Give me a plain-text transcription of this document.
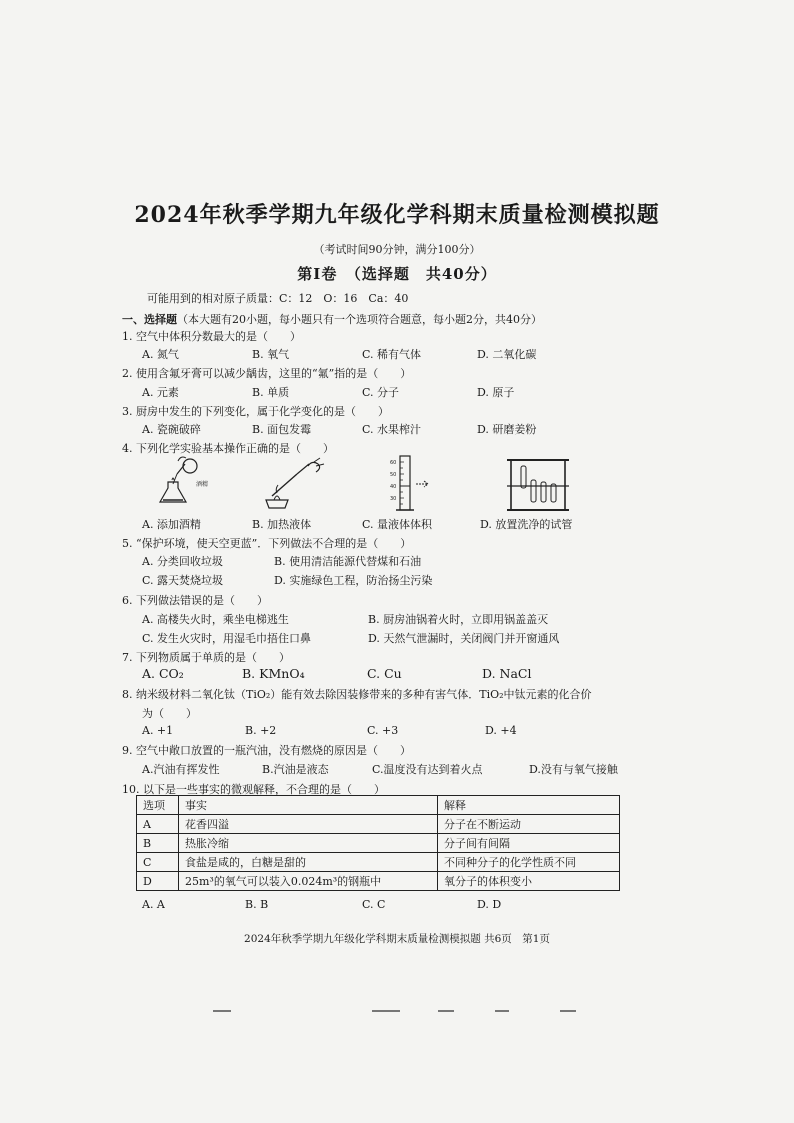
2024年秋季学期九年级化学科期末质量检测模拟题
（考试时间90分钟，满分100分）
第Ⅰ卷　（选择题　共40分）
可能用到的相对原子质量：C：12　O：16　Ca：40
一、选择题（本大题有20小题，每小题只有一个选项符合题意，每小题2分，共40分）
1. 空气中体积分数最大的是（　　）
A. 氮气	B. 氧气	C. 稀有气体	D. 二氧化碳
2. 使用含氟牙膏可以减少龋齿，这里的“氟”指的是（　　）
A. 元素	B. 单质	C. 分子	D. 原子
3. 厨房中发生的下列变化，属于化学变化的是（　　）
A. 瓷碗破碎	B. 面包发霉	C. 水果榨汁	D. 研磨姜粉
4. 下列化学实验基本操作正确的是（　　）
酒精
60
50
40
30
A. 添加酒精	B. 加热液体	C. 量液体体积	D. 放置洗净的试管
5. “保护环境，使天空更蓝”．下列做法不合理的是（　　）
A. 分类回收垃圾	B. 使用清洁能源代替煤和石油
C. 露天焚烧垃圾	D. 实施绿色工程，防治扬尘污染
6. 下列做法错误的是（　　）
A. 高楼失火时，乘坐电梯逃生	B. 厨房油锅着火时，立即用锅盖盖灭
C. 发生火灾时，用湿毛巾捂住口鼻	D. 天然气泄漏时，关闭阀门并开窗通风
7. 下列物质属于单质的是（　　）
A. CO₂	B. KMnO₄	C. Cu	D. NaCl
8. 纳米级材料二氧化钛（TiO₂）能有效去除因装修带来的多种有害气体．TiO₂中钛元素的化合价
为（　　）
A. +1	B. +2	C. +3	D. +4
9. 空气中敞口放置的一瓶汽油，没有燃烧的原因是（　　）
A.汽油有挥发性	B.汽油是液态	C.温度没有达到着火点	D.没有与氧气接触
10. 以下是一些事实的微观解释，不合理的是（　　）
选项	事实	解释
A	花香四溢	分子在不断运动
B	热胀冷缩	分子间有间隔
C	食盐是咸的，白糖是甜的	不同种分子的化学性质不同
D	25m³的氧气可以装入0.024m³的钢瓶中	氧分子的体积变小
A. A	B. B	C. C	D. D
2024年秋季学期九年级化学科期末质量检测模拟题 共6页　第1页
